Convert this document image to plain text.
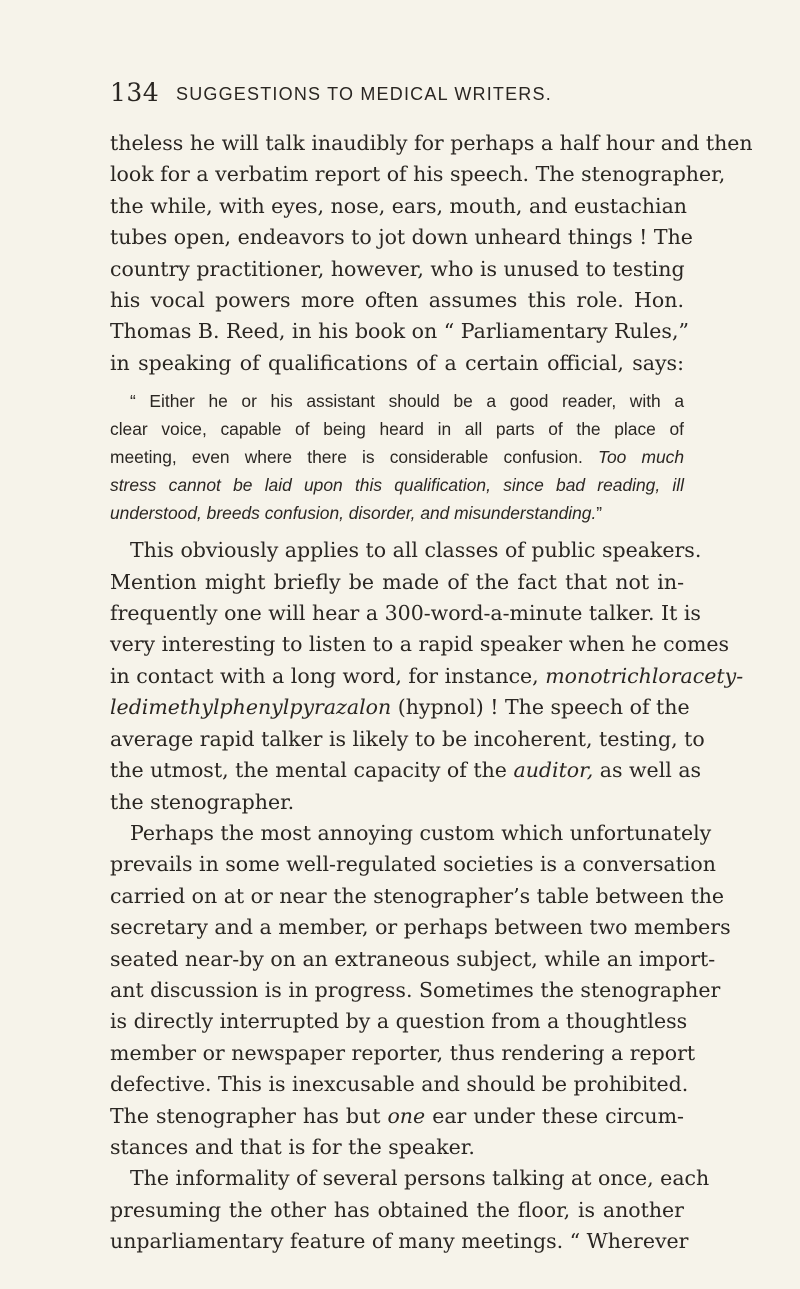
134 SUGGESTIONS TO MEDICAL WRITERS.
theless he will talk inaudibly for perhaps a half hour and then
look for a verbatim report of his speech. The stenographer,
the while, with eyes, nose, ears, mouth, and eustachian
tubes open, endeavors to jot down unheard things ! The
country practitioner, however, who is unused to testing
his vocal powers more often assumes this role. Hon.
Thomas B. Reed, in his book on “ Parliamentary Rules,”
in speaking of qualifications of a certain official, says:
“ Either he or his assistant should be a good reader, with a
clear voice, capable of being heard in all parts of the place of
meeting, even where there is considerable confusion. Too much
stress cannot be laid upon this qualification, since bad reading, ill
understood, breeds confusion, disorder, and misunderstanding.”
This obviously applies to all classes of public speakers.
Mention might briefly be made of the fact that not in-
frequently one will hear a 300-word-a-minute talker. It is
very interesting to listen to a rapid speaker when he comes
in contact with a long word, for instance, monotrichloracety-
ledimethylphenylpyrazalon (hypnol) ! The speech of the
average rapid talker is likely to be incoherent, testing, to
the utmost, the mental capacity of the auditor, as well as
the stenographer.
Perhaps the most annoying custom which unfortunately
prevails in some well-regulated societies is a conversation
carried on at or near the stenographer’s table between the
secretary and a member, or perhaps between two members
seated near-by on an extraneous subject, while an import-
ant discussion is in progress. Sometimes the stenographer
is directly interrupted by a question from a thoughtless
member or newspaper reporter, thus rendering a report
defective. This is inexcusable and should be prohibited.
The stenographer has but one ear under these circum-
stances and that is for the speaker.
The informality of several persons talking at once, each
presuming the other has obtained the floor, is another
unparliamentary feature of many meetings. “ Wherever
